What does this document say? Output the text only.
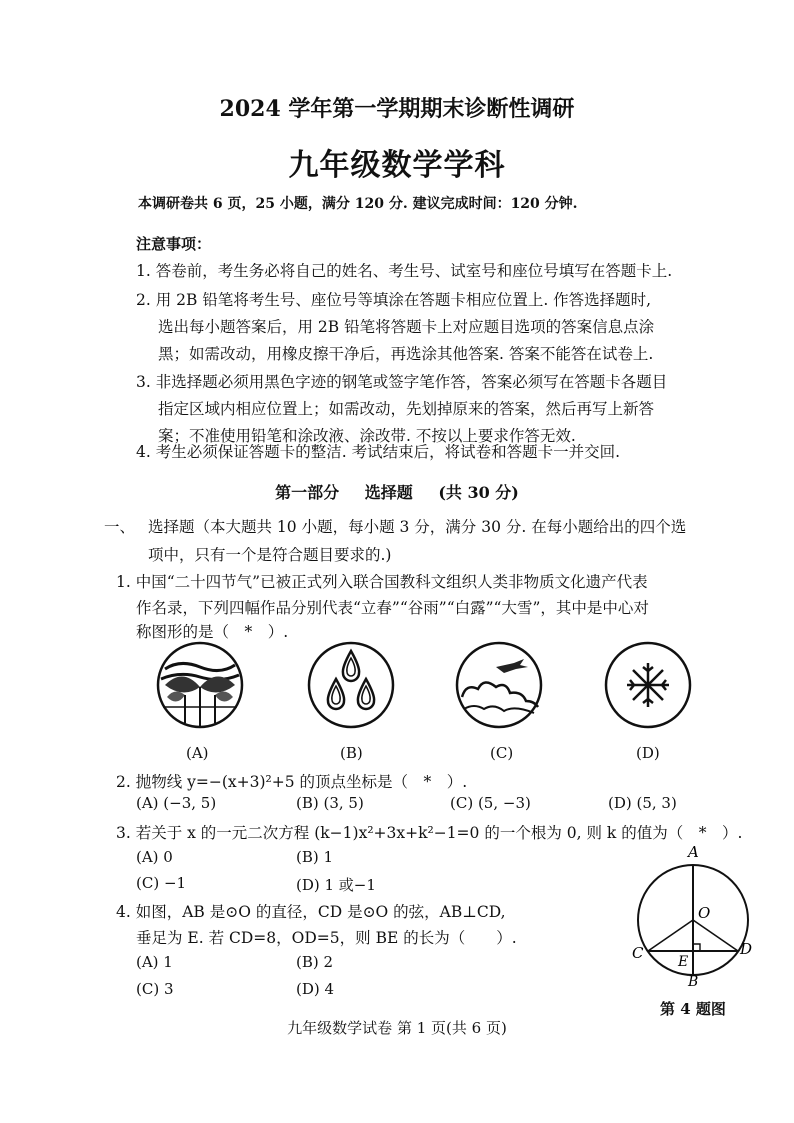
2024 学年第一学期期末诊断性调研
九年级数学学科
本调研卷共 6 页，25 小题，满分 120 分. 建议完成时间：120 分钟.
注意事项：
1. 答卷前，考生务必将自己的姓名、考生号、试室号和座位号填写在答题卡上.
2. 用 2B 铅笔将考生号、座位号等填涂在答题卡相应位置上. 作答选择题时,
选出每小题答案后，用 2B 铅笔将答题卡上对应题目选项的答案信息点涂
黑；如需改动，用橡皮擦干净后，再选涂其他答案. 答案不能答在试卷上.
3. 非选择题必须用黑色字迹的钢笔或签字笔作答，答案必须写在答题卡各题目
指定区域内相应位置上；如需改动，先划掉原来的答案，然后再写上新答
案；不准使用铅笔和涂改液、涂改带. 不按以上要求作答无效.
4. 考生必须保证答题卡的整洁. 考试结束后，将试卷和答题卡一并交回.
第一部分 选择题 (共 30 分)
一、 选择题（本大题共 10 小题，每小题 3 分，满分 30 分. 在每小题给出的四个选
项中，只有一个是符合题目要求的.)
1. 中国“二十四节气”已被正式列入联合国教科文组织人类非物质文化遗产代表
作名录，下列四幅作品分别代表“立春”“谷雨”“白露”“大雪”，其中是中心对
称图形的是（　*　）.
(A)	(B)	(C)	(D)
2. 抛物线 y=−(x+3)²+5 的顶点坐标是（　*　）.
(A) (−3, 5)	(B) (3, 5)	(C) (5, −3)	(D) (5, 3)
3. 若关于 x 的一元二次方程 (k−1)x²+3x+k²−1=0 的一个根为 0, 则 k 的值为（　*　）.
(A) 0	(B) 1
(C) −1	(D) 1 或−1
4. 如图，AB 是⊙O 的直径，CD 是⊙O 的弦，AB⊥CD,
垂足为 E. 若 CD=8，OD=5，则 BE 的长为（　　）.
(A) 1	(B) 2
(C) 3	(D) 4
A
O
C	D
E
B
第 4 题图
九年级数学试卷 第 1 页(共 6 页)
